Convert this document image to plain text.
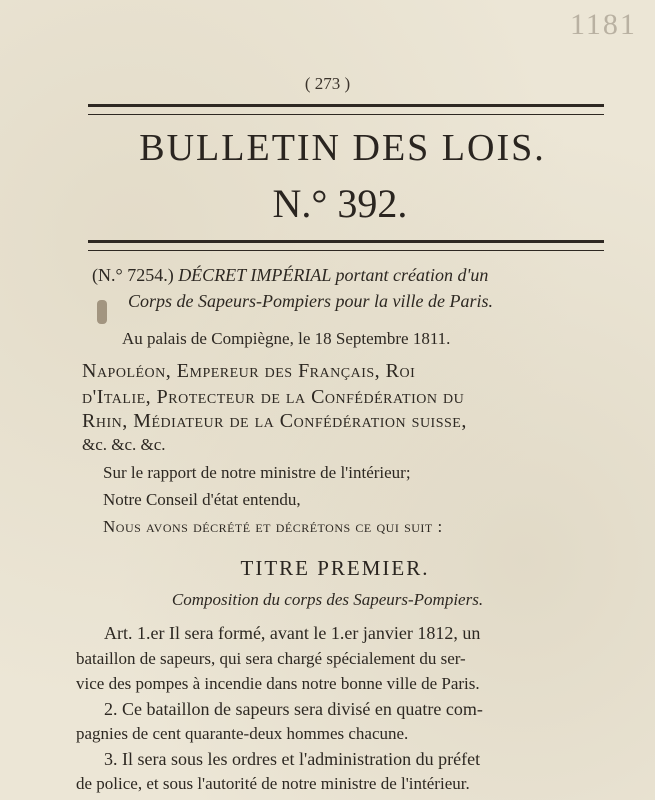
1181
( 273 )
BULLETIN DES LOIS.
N.° 392.
(N.° 7254.) DÉCRET IMPÉRIAL portant création d'un
Corps de Sapeurs-Pompiers pour la ville de Paris.
Au palais de Compiègne, le 18 Septembre 1811.
Napoléon, Empereur des Français, Roi
d'Italie, Protecteur de la Confédération du
Rhin, Médiateur de la Confédération suisse,
&c. &c. &c.
Sur le rapport de notre ministre de l'intérieur;
Notre Conseil d'état entendu,
Nous avons décrété et décrétons ce qui suit :
TITRE PREMIER.
Composition du corps des Sapeurs-Pompiers.
Art. 1.er Il sera formé, avant le 1.er janvier 1812, un
bataillon de sapeurs, qui sera chargé spécialement du ser-
vice des pompes à incendie dans notre bonne ville de Paris.
2. Ce bataillon de sapeurs sera divisé en quatre com-
pagnies de cent quarante-deux hommes chacune.
3. Il sera sous les ordres et l'administration du préfet
de police, et sous l'autorité de notre ministre de l'intérieur.
